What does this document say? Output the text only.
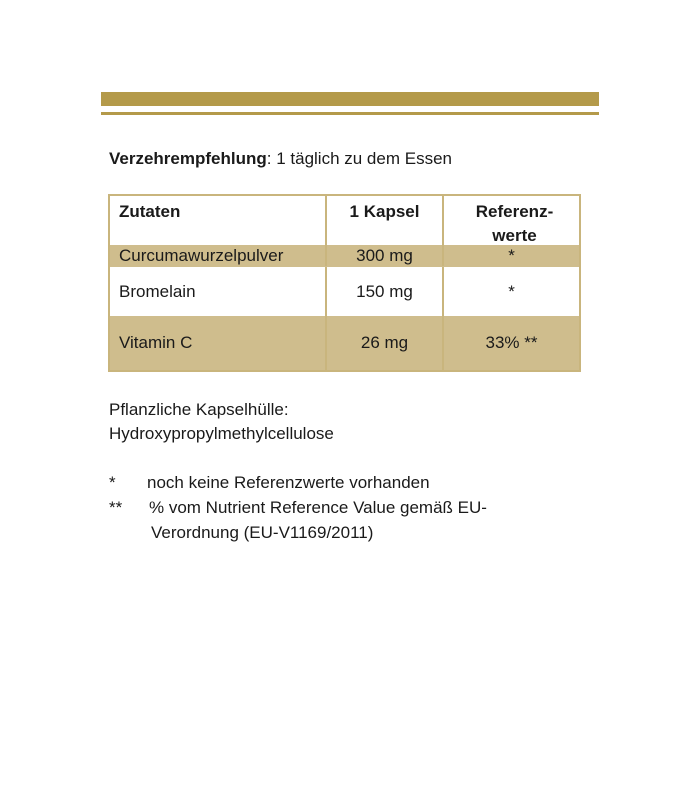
Verzehrempfehlung: 1 täglich zu dem Essen
Zutaten	1 Kapsel	Referenz-
werte
Curcumawurzelpulver	300 mg	*
Bromelain	150 mg	*
Vitamin C	26 mg	33% **
Pflanzliche Kapselhülle:
Hydroxypropylmethylcellulose
* noch keine Referenzwerte vorhanden
** % vom Nutrient Reference Value gemäß EU-
Verordnung (EU-V1169/2011)
